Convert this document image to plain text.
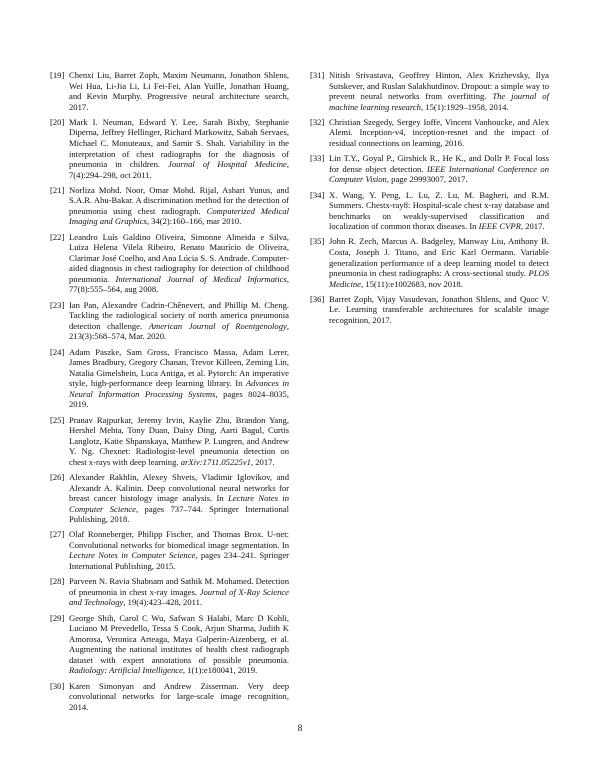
[19] Chenxi Liu, Barret Zoph, Maxim Neumann, Jonathon Shlens, Wei Hua, Li-Jia Li, Li Fei-Fei, Alan Yuille, Jonathan Huang, and Kevin Murphy. Progressive neural architecture search, 2017.
[20] Mark I. Neuman, Edward Y. Lee, Sarah Bixby, Stephanie Diperna, Jeffrey Hellinger, Richard Markowitz, Sabah Servaes, Michael C. Monuteaux, and Samir S. Shah. Variability in the interpretation of chest radiographs for the diagnosis of pneumonia in children. Journal of Hospital Medicine, 7(4):294–298, oct 2011.
[21] Norliza Mohd. Noor, Omar Mohd. Rijal, Ashari Yunus, and S.A.R. Abu-Bakar. A discrimination method for the detection of pneumonia using chest radiograph. Computerized Medical Imaging and Graphics, 34(2):160–166, mar 2010.
[22] Leandro Luís Galdino Oliveira, Simonne Almeida e Silva, Luiza Helena Vilela Ribeiro, Renato Maurício de Oliveira, Clarimar José Coelho, and Ana Lúcia S. S. Andrade. Computer-aided diagnosis in chest radiography for detection of childhood pneumonia. International Journal of Medical Informatics, 77(8):555–564, aug 2008.
[23] Ian Pan, Alexandre Cadrin-Chênevert, and Phillip M. Cheng. Tackling the radiological society of north america pneumonia detection challenge. American Journal of Roentgenology, 213(3):568–574, Mar. 2020.
[24] Adam Paszke, Sam Gross, Francisco Massa, Adam Lerer, James Bradbury, Gregory Chanan, Trevor Killeen, Zeming Lin, Natalia Gimelshein, Luca Antiga, et al. Pytorch: An imperative style, high-performance deep learning library. In Advances in Neural Information Processing Systems, pages 8024–8035, 2019.
[25] Pranav Rajpurkar, Jeremy Irvin, Kaylie Zhu, Brandon Yang, Hershel Mehta, Tony Duan, Daisy Ding, Aarti Bagul, Curtis Langlotz, Katie Shpanskaya, Matthew P. Lungren, and Andrew Y. Ng. Chexnet: Radiologist-level pneumonia detection on chest x-rays with deep learning. arXiv:1711.05225v1, 2017.
[26] Alexander Rakhlin, Alexey Shvets, Vladimir Iglovikov, and Alexandr A. Kalinin. Deep convolutional neural networks for breast cancer histology image analysis. In Lecture Notes in Computer Science, pages 737–744. Springer International Publishing, 2018.
[27] Olaf Ronneberger, Philipp Fischer, and Thomas Brox. U-net: Convolutional networks for biomedical image segmentation. In Lecture Notes in Computer Science, pages 234–241. Springer International Publishing, 2015.
[28] Parveen N. Ravia Shabnam and Sathik M. Mohamed. Detection of pneumonia in chest x-ray images. Journal of X-Ray Science and Technology, 19(4):423–428, 2011.
[29] George Shih, Carol C Wu, Safwan S Halabi, Marc D Kohli, Luciano M Prevedello, Tessa S Cook, Arjun Sharma, Judith K Amorosa, Veronica Arteaga, Maya Galperin-Aizenberg, et al. Augmenting the national institutes of health chest radiograph dataset with expert annotations of possible pneumonia. Radiology: Artificial Intelligence, 1(1):e180041, 2019.
[30] Karen Simonyan and Andrew Zisserman. Very deep convolutional networks for large-scale image recognition, 2014.
[31] Nitish Srivastava, Geoffrey Hinton, Alex Krizhevsky, Ilya Sutskever, and Ruslan Salakhutdinov. Dropout: a simple way to prevent neural networks from overfitting. The journal of machine learning research, 15(1):1929–1958, 2014.
[32] Christian Szegedy, Sergey Ioffe, Vincent Vanhoucke, and Alex Alemi. Inception-v4, inception-resnet and the impact of residual connections on learning, 2016.
[33] Lin T.Y., Goyal P., Girshick R., He K., and Dollr P. Focal loss for dense object detection. IEEE International Conference on Computer Vision, page 29993007, 2017.
[34] X. Wang, Y. Peng, L. Lu, Z. Lu, M. Bagheri, and R.M. Summers. Chestx-ray8: Hospital-scale chest x-ray database and benchmarks on weakly-supervised classification and localization of common thorax diseases. In IEEE CVPR, 2017.
[35] John R. Zech, Marcus A. Badgeley, Manway Liu, Anthony B. Costa, Joseph J. Titano, and Eric Karl Oermann. Variable generalization performance of a deep learning model to detect pneumonia in chest radiographs: A cross-sectional study. PLOS Medicine, 15(11):e1002683, nov 2018.
[36] Barret Zoph, Vijay Vasudevan, Jonathon Shlens, and Quoc V. Le. Learning transferable architectures for scalable image recognition, 2017.
8
